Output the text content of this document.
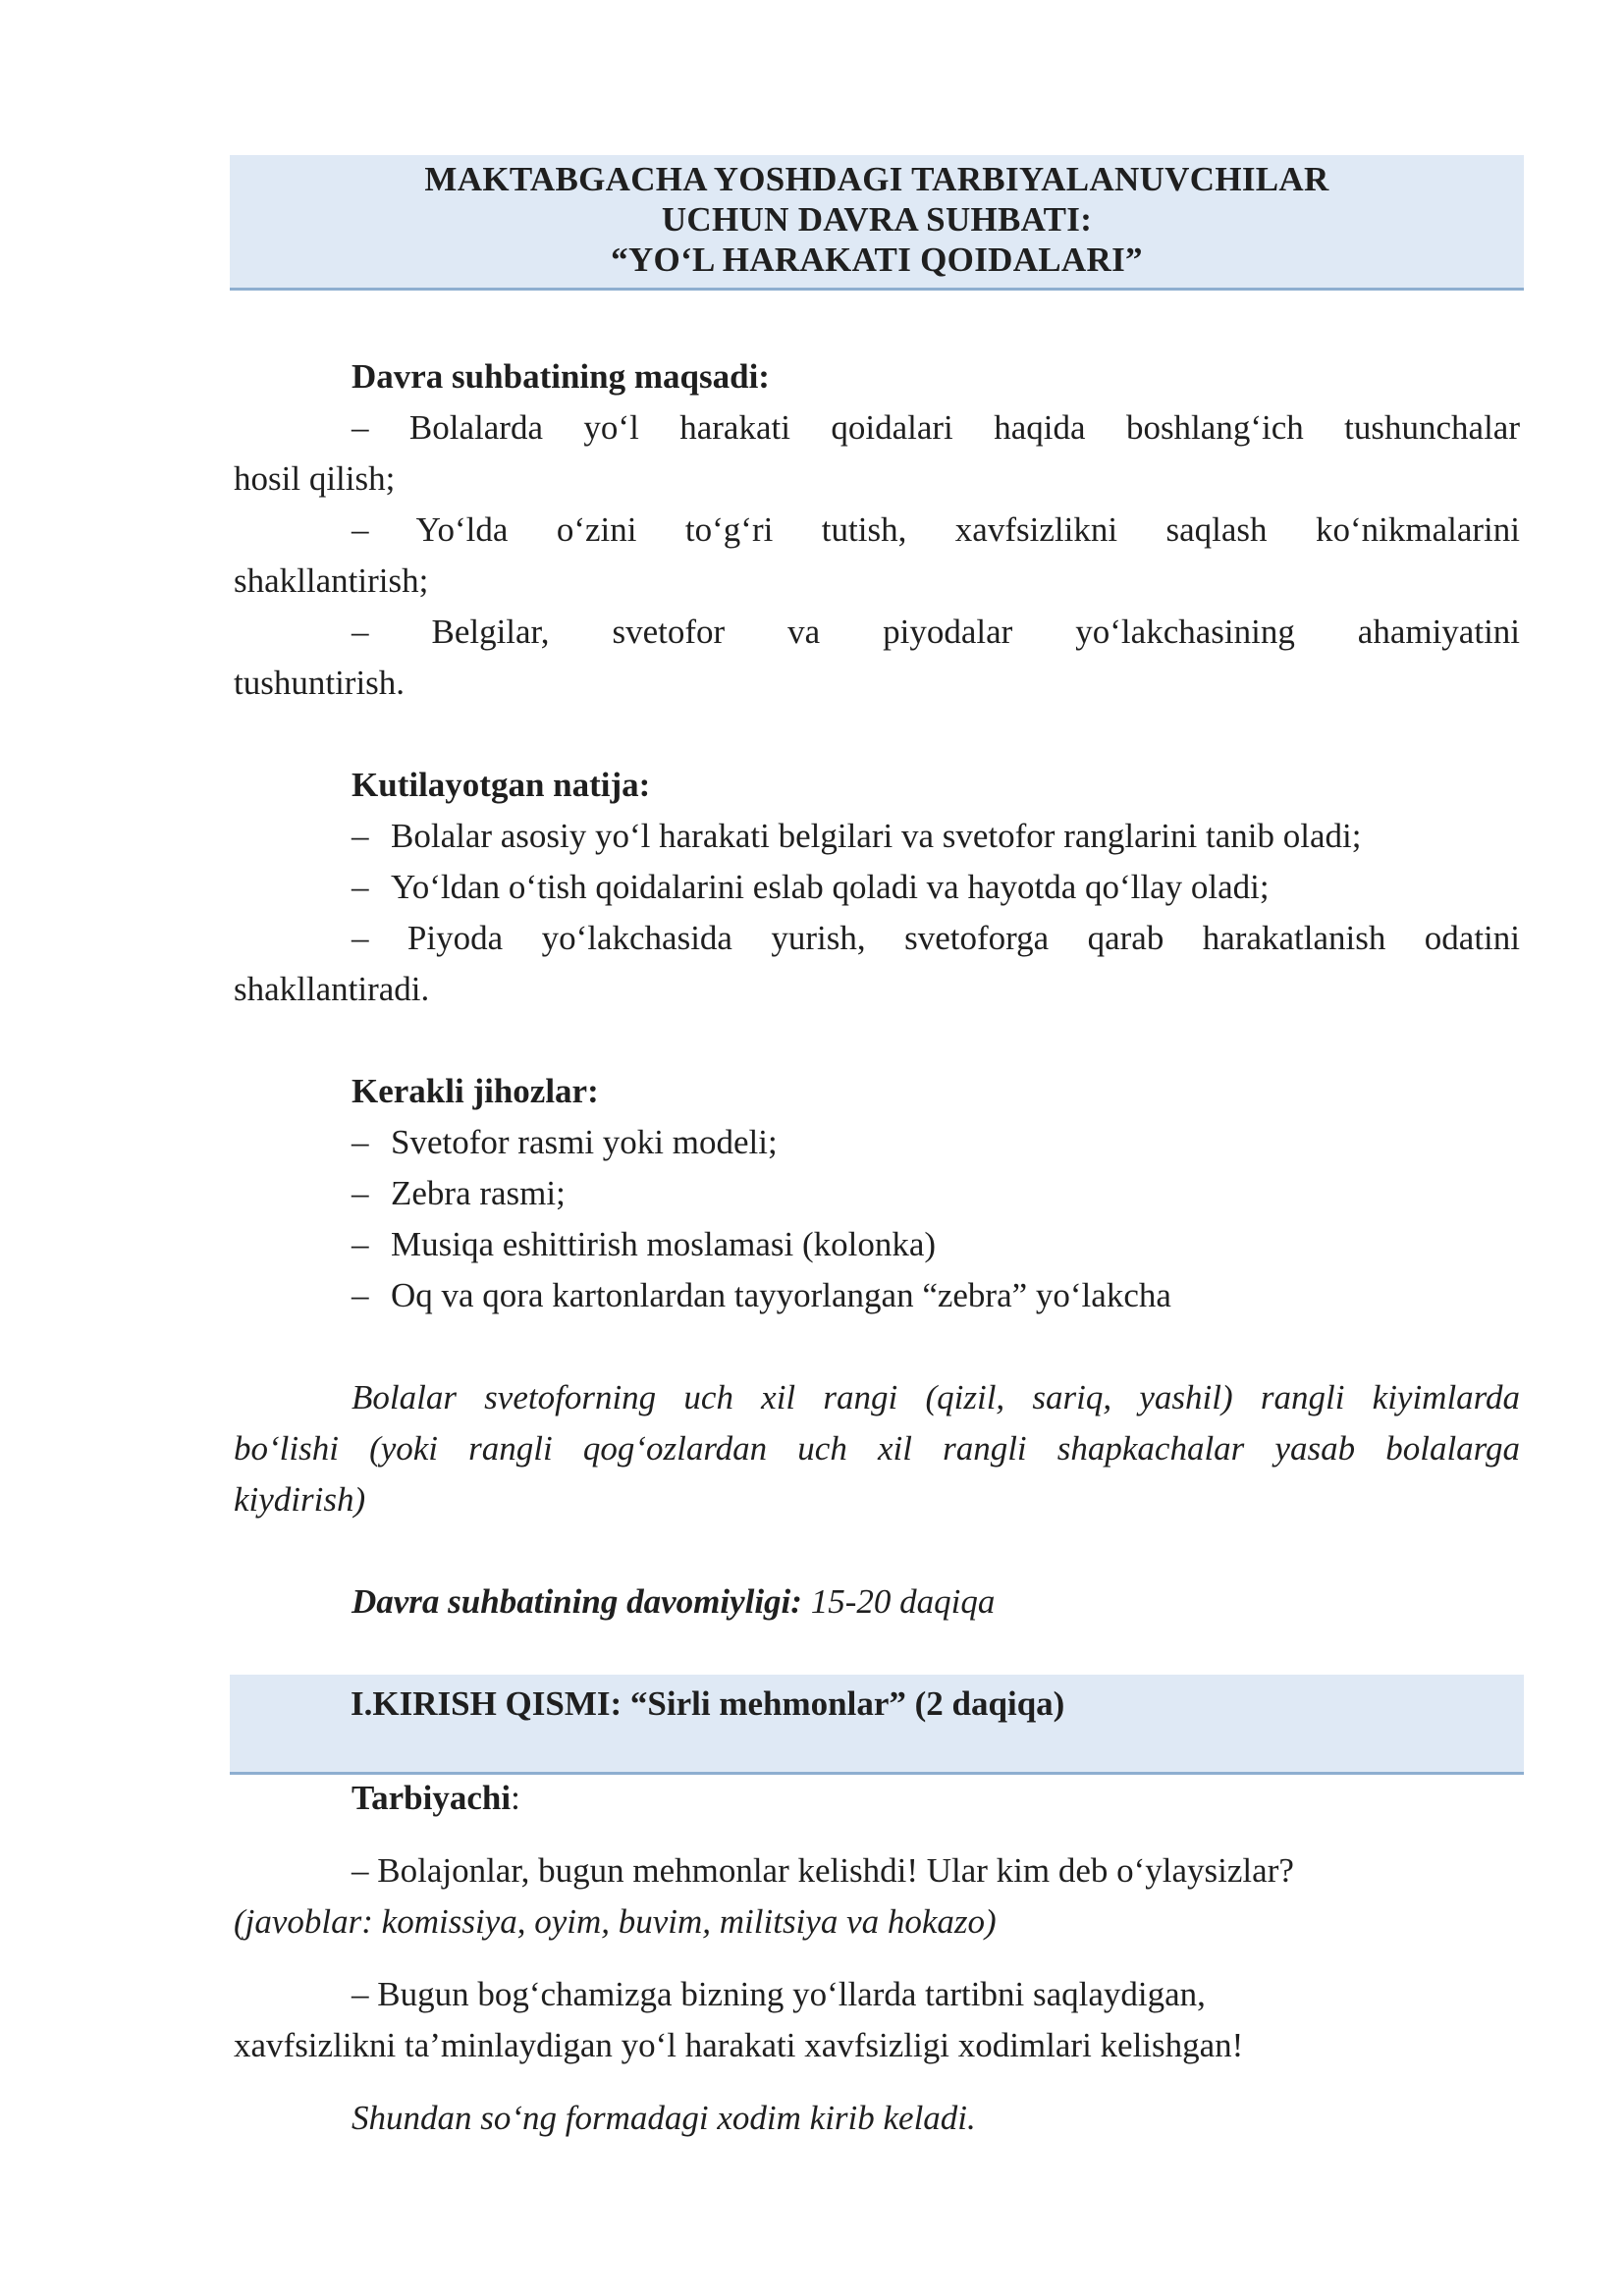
MAKTABGACHA YOSHDAGI TARBIYALANUVCHILAR
UCHUN DAVRA SUHBATI:
“YO‘L HARAKATI QOIDALARI”
Davra suhbatining maqsadi:
– Bolalarda yo‘l harakati qoidalari haqida boshlang‘ich tushunchalar
hosil qilish;
– Yo‘lda o‘zini to‘g‘ri tutish, xavfsizlikni saqlash ko‘nikmalarini
shakllantirish;
– Belgilar, svetofor va piyodalar yo‘lakchasining ahamiyatini
tushuntirish.
Kutilayotgan natija:
– Bolalar asosiy yo‘l harakati belgilari va svetofor ranglarini tanib oladi;
– Yo‘ldan o‘tish qoidalarini eslab qoladi va hayotda qo‘llay oladi;
– Piyoda yo‘lakchasida yurish, svetoforga qarab harakatlanish odatini
shakllantiradi.
Kerakli jihozlar:
– Svetofor rasmi yoki modeli;
– Zebra rasmi;
– Musiqa eshittirish moslamasi (kolonka)
– Oq va qora kartonlardan tayyorlangan “zebra” yo‘lakcha
Bolalar svetoforning uch xil rangi (qizil, sariq, yashil) rangli kiyimlarda
bo‘lishi (yoki rangli qog‘ozlardan uch xil rangli shapkachalar yasab bolalarga
kiydirish)
Davra suhbatining davomiyligi: 15-20 daqiqa
I.KIRISH QISMI: “Sirli mehmonlar” (2 daqiqa)
Tarbiyachi:
– Bolajonlar, bugun mehmonlar kelishdi! Ular kim deb o‘ylaysizlar?
(javoblar: komissiya, oyim, buvim, militsiya va hokazo)
– Bugun bog‘chamizga bizning yo‘llarda tartibni saqlaydigan,
xavfsizlikni ta’minlaydigan yo‘l harakati xavfsizligi xodimlari kelishgan!
Shundan so‘ng formadagi xodim kirib keladi.
